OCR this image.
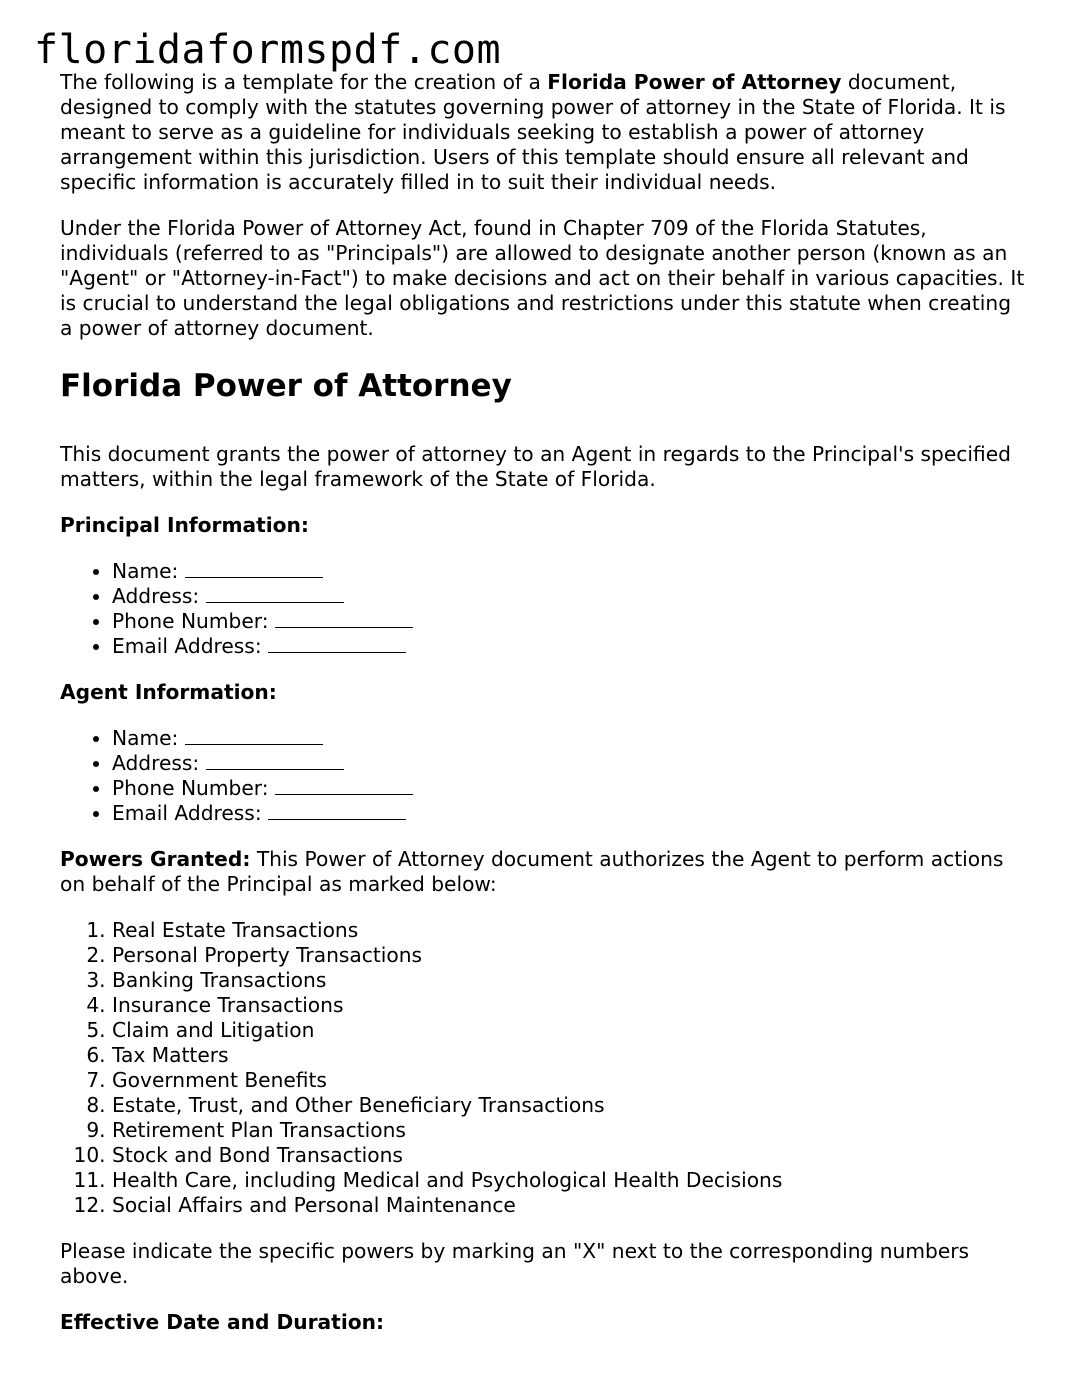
floridaformspdf.com

The following is a template for the creation of a Florida Power of Attorney document, designed to comply with the statutes governing power of attorney in the State of Florida. It is meant to serve as a guideline for individuals seeking to establish a power of attorney arrangement within this jurisdiction. Users of this template should ensure all relevant and specific information is accurately filled in to suit their individual needs.

Under the Florida Power of Attorney Act, found in Chapter 709 of the Florida Statutes, individuals (referred to as "Principals") are allowed to designate another person (known as an "Agent" or "Attorney-in-Fact") to make decisions and act on their behalf in various capacities. It is crucial to understand the legal obligations and restrictions under this statute when creating a power of attorney document.

Florida Power of Attorney

This document grants the power of attorney to an Agent in regards to the Principal's specified matters, within the legal framework of the State of Florida.

Principal Information:

• Name:
• Address:
• Phone Number:
• Email Address:

Agent Information:

• Name:
• Address:
• Phone Number:
• Email Address:

Powers Granted: This Power of Attorney document authorizes the Agent to perform actions on behalf of the Principal as marked below:

1. Real Estate Transactions
2. Personal Property Transactions
3. Banking Transactions
4. Insurance Transactions
5. Claim and Litigation
6. Tax Matters
7. Government Benefits
8. Estate, Trust, and Other Beneficiary Transactions
9. Retirement Plan Transactions
10. Stock and Bond Transactions
11. Health Care, including Medical and Psychological Health Decisions
12. Social Affairs and Personal Maintenance

Please indicate the specific powers by marking an "X" next to the corresponding numbers above.

Effective Date and Duration:
